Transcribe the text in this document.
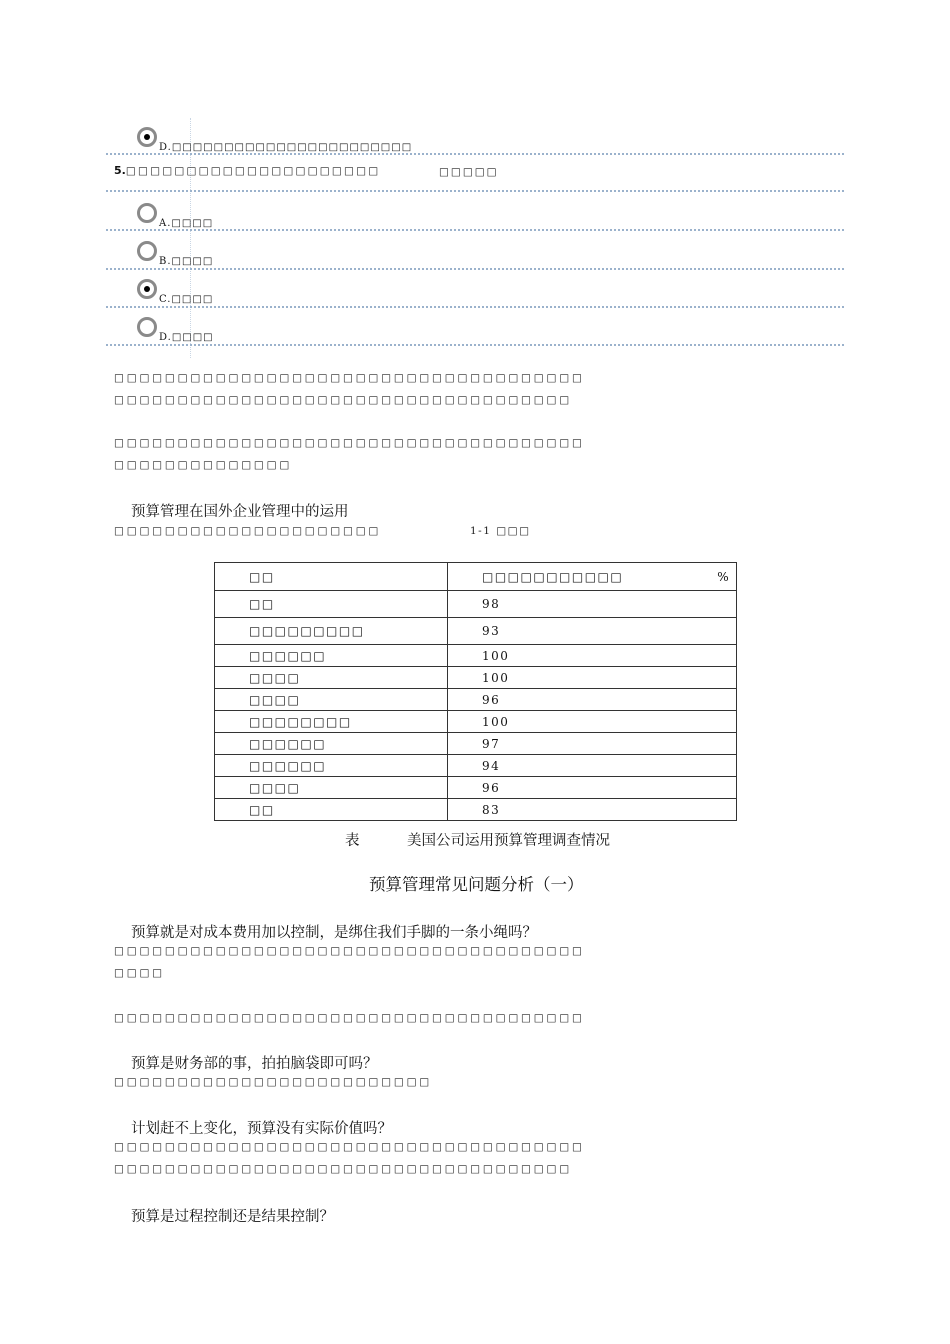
D.□□□□□□□□□□□□□□□□□□□□□□□
5.□□□□□□□□□□□□□□□□□□□□□	□□□□□
A.□□□□
B.□□□□
C.□□□□
D.□□□□
□□□□□□□□□□□□□□□□□□□□□□□□□□□□□□□□□□□□□
□□□□□□□□□□□□□□□□□□□□□□□□□□□□□□□□□□□□
□□□□□□□□□□□□□□□□□□□□□□□□□□□□□□□□□□□□□
□□□□□□□□□□□□□□
预算管理在国外企业管理中的运用
□□□□□□□□□□□□□□□□□□□□□	1-1 □□□
□□	□□□□□□□□□□□ %
□□	98
□□□□□□□□□	93
□□□□□□	100
□□□□	100
□□□□	96
□□□□□□□□	100
□□□□□□	97
□□□□□□	94
□□□□	96
□□	83
表	美国公司运用预算管理调查情况
预算管理常见问题分析（一）
预算就是对成本费用加以控制，是绑住我们手脚的一条小绳吗？
□□□□□□□□□□□□□□□□□□□□□□□□□□□□□□□□□□□□□
□□□□
□□□□□□□□□□□□□□□□□□□□□□□□□□□□□□□□□□□□□
预算是财务部的事，拍拍脑袋即可吗？
□□□□□□□□□□□□□□□□□□□□□□□□□
计划赶不上变化，预算没有实际价值吗？
□□□□□□□□□□□□□□□□□□□□□□□□□□□□□□□□□□□□□
□□□□□□□□□□□□□□□□□□□□□□□□□□□□□□□□□□□□
预算是过程控制还是结果控制？
